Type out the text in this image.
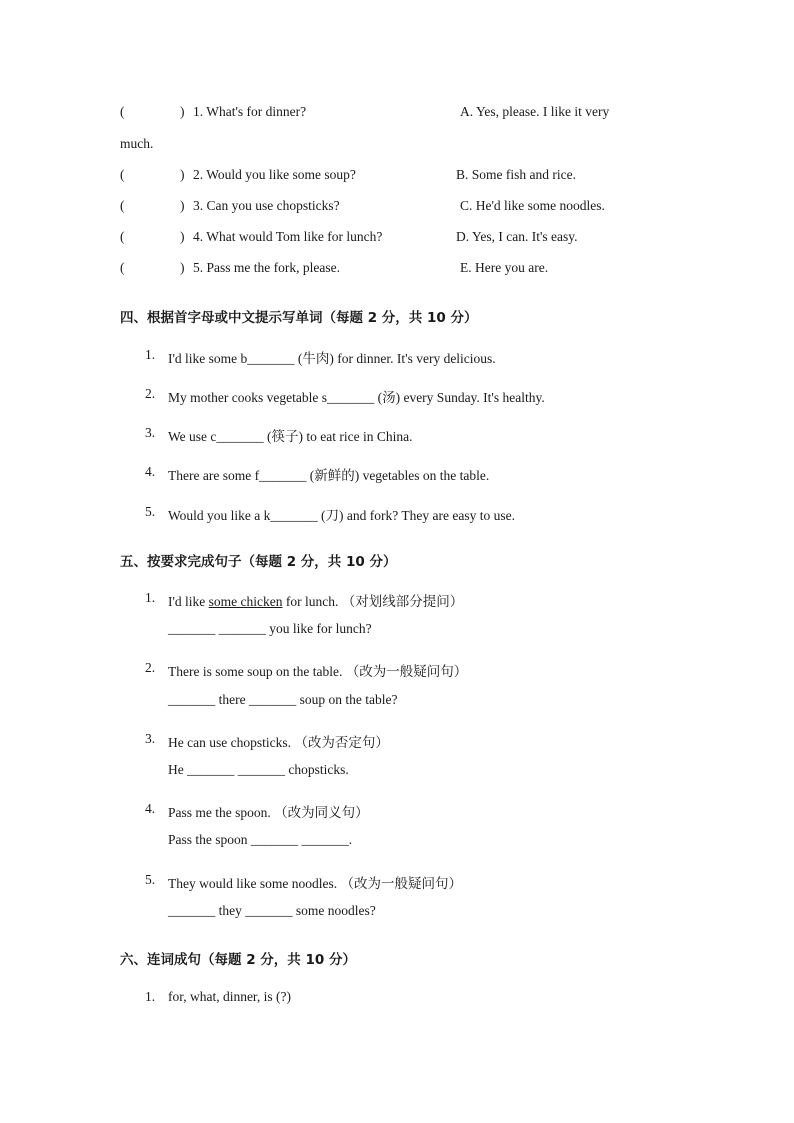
(	) 1. What's for dinner?	A. Yes, please. I like it very
much.
(	) 2. Would you like some soup?	B. Some fish and rice.
(	) 3. Can you use chopsticks?	C. He'd like some noodles.
(	) 4. What would Tom like for lunch?	D. Yes, I can. It's easy.
(	) 5. Pass me the fork, please.	E. Here you are.
四、根据首字母或中文提示写单词（每题 2 分，共 10 分）
1. I'd like some b_______ (牛肉) for dinner. It's very delicious.
2. My mother cooks vegetable s_______ (汤) every Sunday. It's healthy.
3. We use c_______ (筷子) to eat rice in China.
4. There are some f_______ (新鲜的) vegetables on the table.
5. Would you like a k_______ (刀) and fork? They are easy to use.
五、按要求完成句子（每题 2 分，共 10 分）
1. I'd like some chicken for lunch. （对划线部分提问）
_______ _______ you like for lunch?
2. There is some soup on the table. （改为一般疑问句）
_______ there _______ soup on the table?
3. He can use chopsticks. （改为否定句）
He _______ _______ chopsticks.
4. Pass me the spoon. （改为同义句）
Pass the spoon _______ _______.
5. They would like some noodles. （改为一般疑问句）
_______ they _______ some noodles?
六、连词成句（每题 2 分，共 10 分）
1. for, what, dinner, is (?)
